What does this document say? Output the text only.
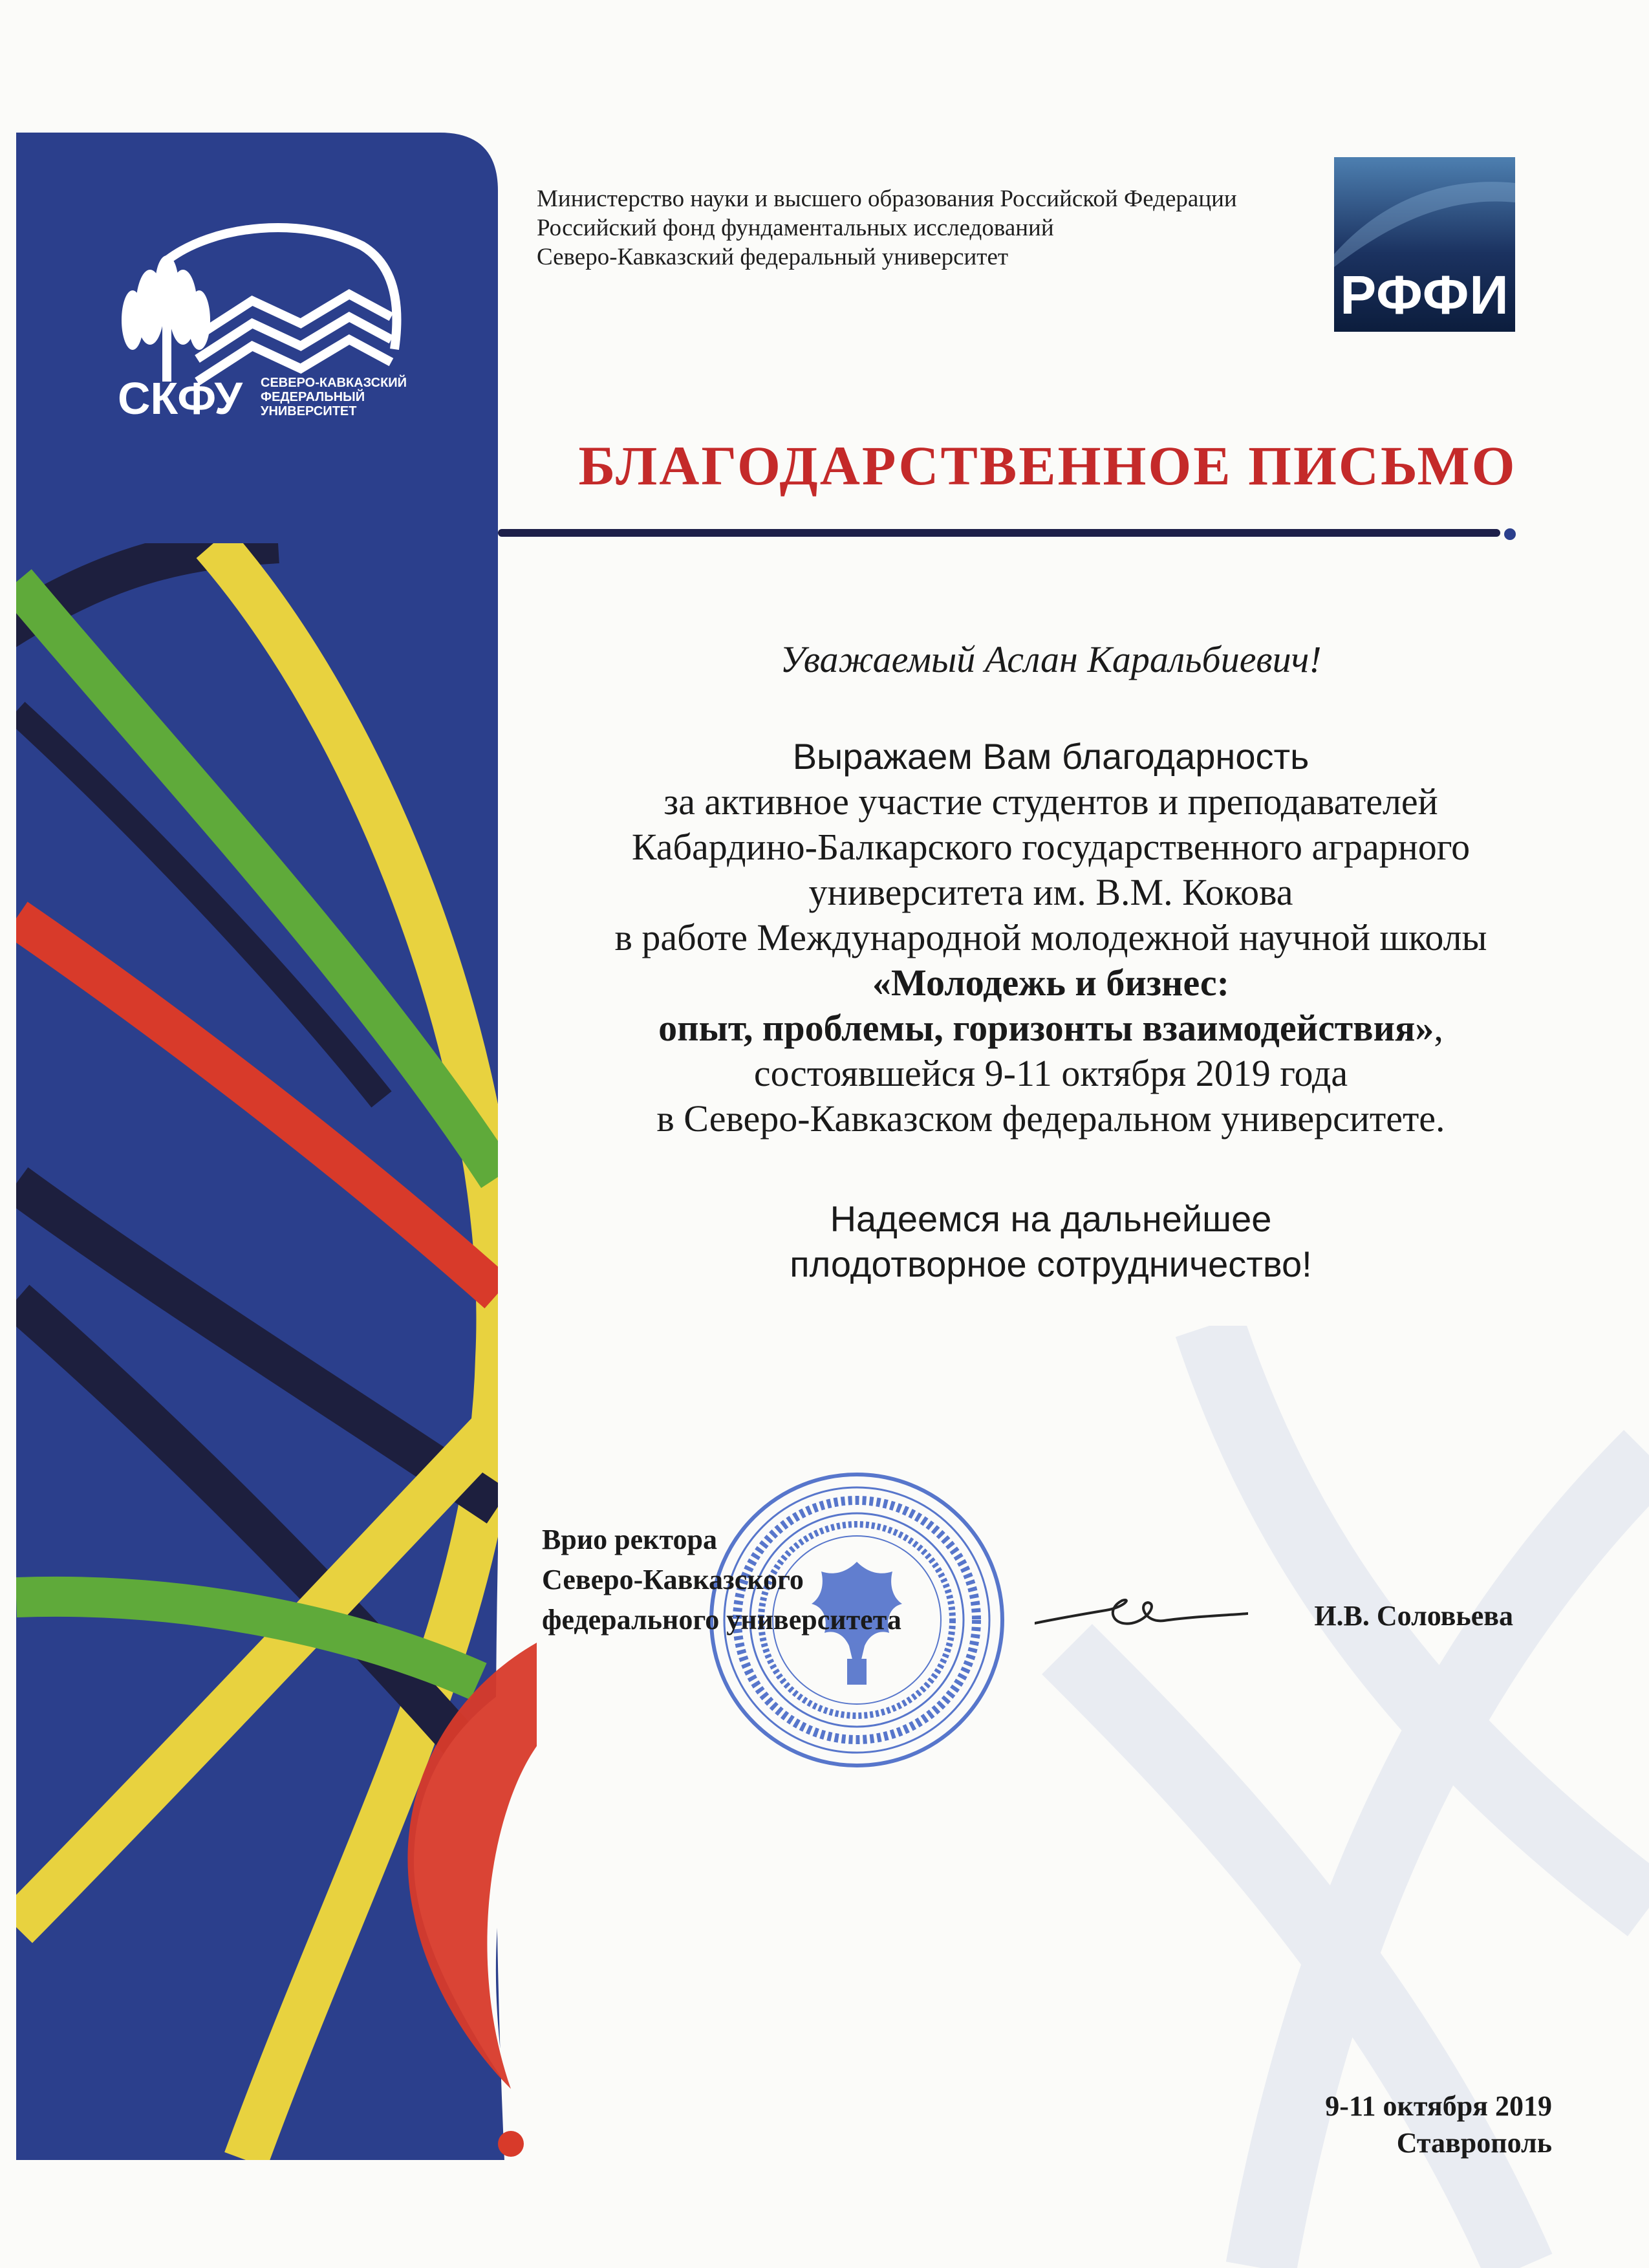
СКФУ СЕВЕРО-КАВКАЗСКИЙ
ФЕДЕРАЛЬНЫЙ
УНИВЕРСИТЕТ
Министерство науки и высшего образования Российской Федерации
Российский фонд фундаментальных исследований
Северо-Кавказский федеральный университет
РФФИ
БЛАГОДАРСТВЕННОЕ ПИСЬМО
Уважаемый Аслан Каральбиевич!
Выражаем Вам благодарность
за активное участие студентов и преподавателей
Кабардино-Балкарского государственного аграрного
университета им. В.М. Кокова
в работе Международной молодежной научной школы
«Молодежь и бизнес:
опыт, проблемы, горизонты взаимодействия»,
состоявшейся 9-11 октября 2019 года
в Северо-Кавказском федеральном университете.
Надеемся на дальнейшее
плодотворное сотрудничество!
Врио ректора
Северо-Кавказского
федерального университета	И.В. Соловьева
9-11 октября 2019
Ставрополь
